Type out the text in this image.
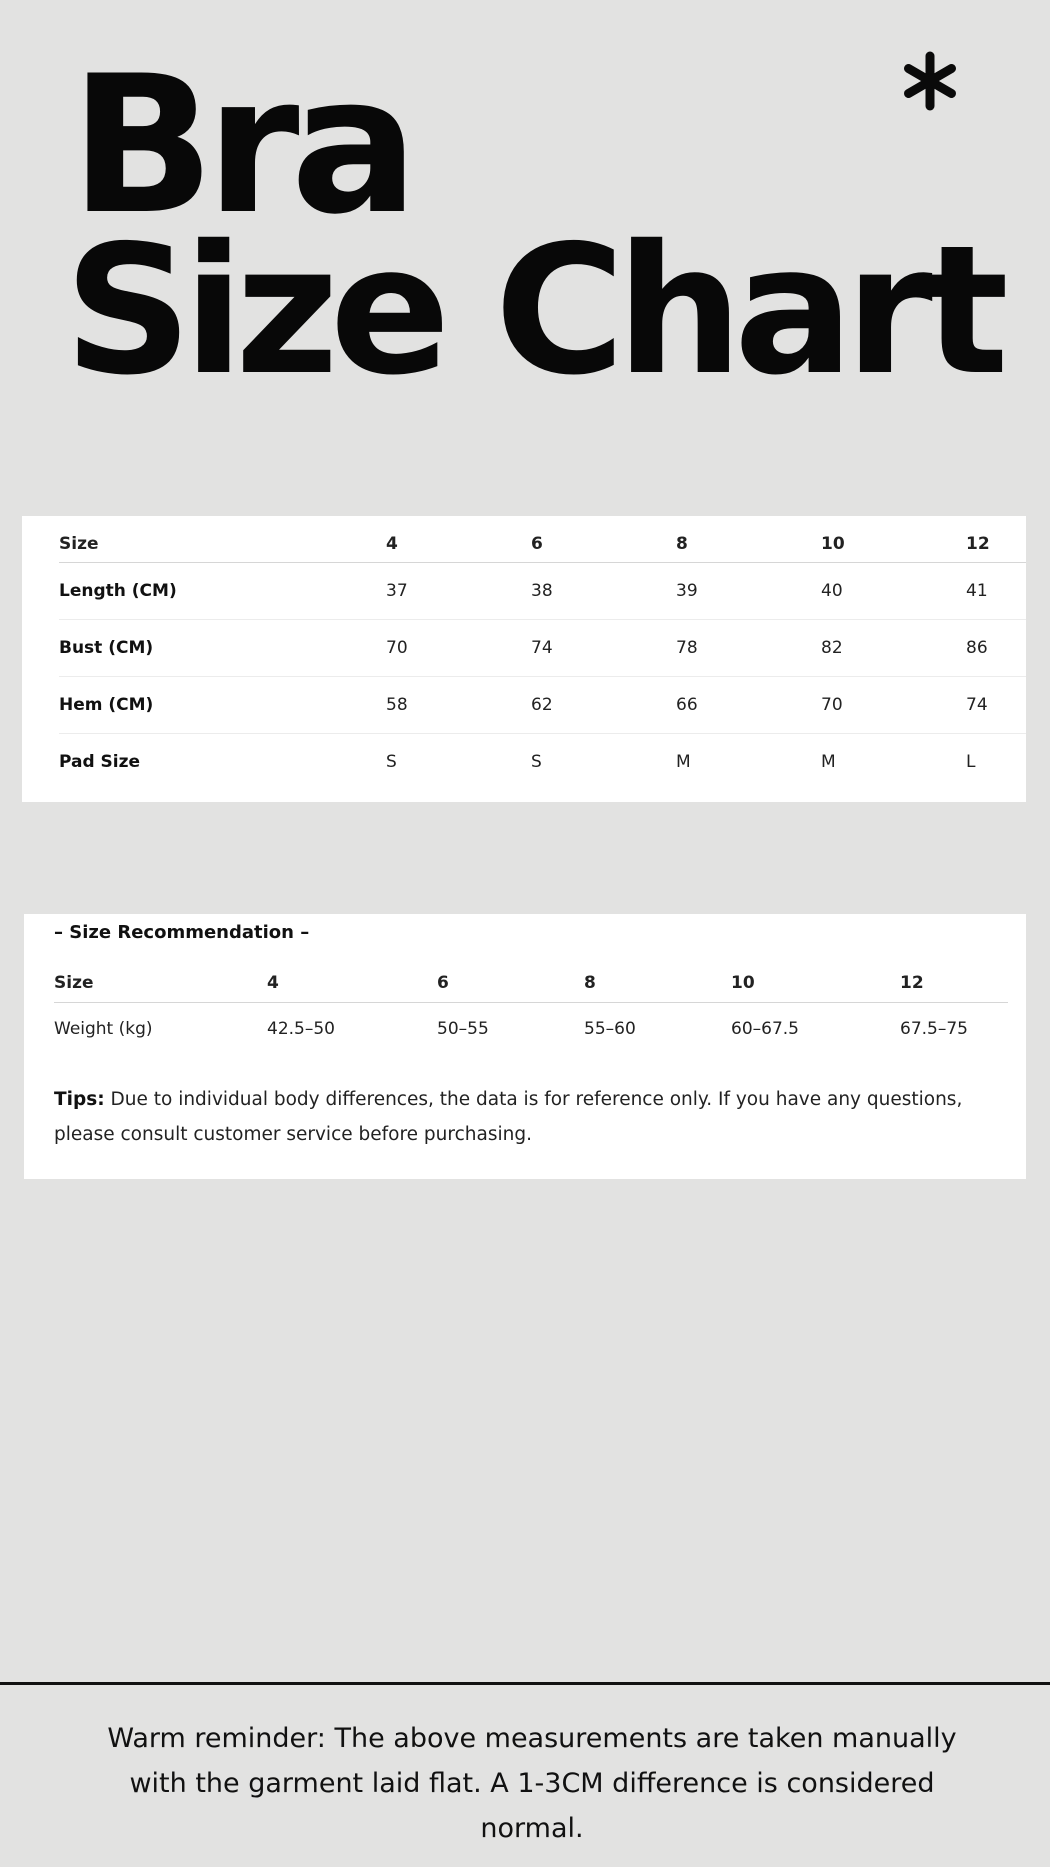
Bra
Size Chart
Size	4	6	8	10	12
Length (CM)	37	38	39	40	41
Bust (CM)	70	74	78	82	86
Hem (CM)	58	62	66	70	74
Pad Size	S	S	M	M	L
– Size Recommendation –
Size	4	6	8	10	12
Weight (kg)	42.5–50	50–55	55–60	60–67.5	67.5–75

Tips: Due to individual body differences, the data is for reference only. If you have any questions, please consult customer service before purchasing.

Warm reminder: The above measurements are taken manually with the garment laid flat. A 1-3CM difference is considered normal.
